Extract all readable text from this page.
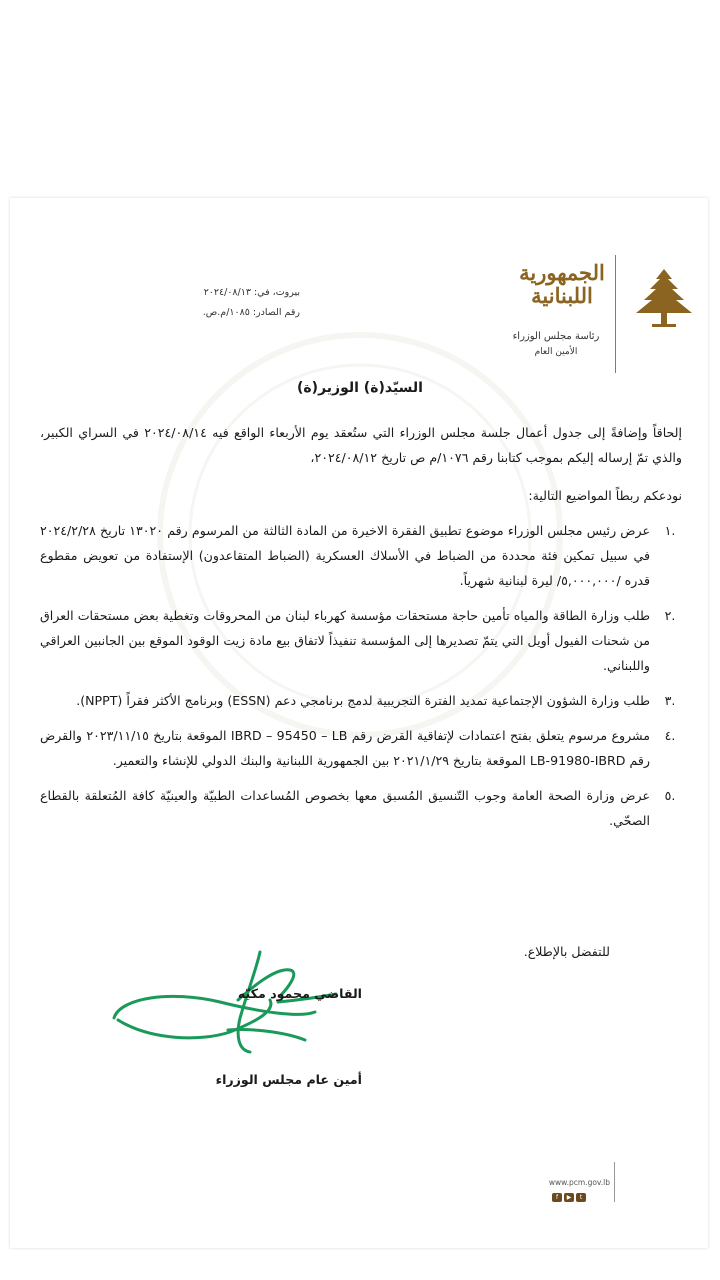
الجمهورية اللبنانية
رئاسة مجلس الوزراء
الأمين العام
بيروت، في: ٢٠٢٤/٠٨/١٣
رقم الصادر: ١٠٨٥/م.ص.
السيّد(ة) الوزير(ة)

إلحاقاً وإضافةً إلى جدول أعمال جلسة مجلس الوزراء التي ستُعقد يوم الأربعاء الواقع فيه ٢٠٢٤/٠٨/١٤ في السراي الكبير، والذي تمّ إرساله إليكم بموجب كتابنا رقم ١٠٧٦/م ص تاريخ ٢٠٢٤/٠٨/١٢،

نودعكم ربطاً المواضيع التالية:

.١
عرض رئيس مجلس الوزراء موضوع تطبيق الفقرة الاخيرة من المادة الثالثة من المرسوم رقم ١٣٠٢٠ تاريخ ٢٠٢٤/٢/٢٨ في سبيل تمكين فئة محددة من الضباط في الأسلاك العسكرية (الضباط المتقاعدون) الإستفادة من تعويض مقطوع قدره /٥,٠٠٠,٠٠٠/ ليرة لبنانية شهرياً.
.٢
طلب وزارة الطاقة والمياه تأمين حاجة مستحقات مؤسسة كهرباء لبنان من المحروقات وتغطية بعض مستحقات العراق من شحنات الفيول أويل التي يتمّ تصديرها إلى المؤسسة تنفيذاً لاتفاق بيع مادة زيت الوقود الموقع بين الجانبين العراقي واللبناني.
.٣
طلب وزارة الشؤون الإجتماعية تمديد الفترة التجريبية لدمج برنامجي دعم (ESSN) وبرنامج الأكثر فقراً (NPPT).
.٤
مشروع مرسوم يتعلق بفتح اعتمادات لإتفاقية القرض رقم IBRD – 95450 – LB الموقعة بتاريخ ٢٠٢٣/١١/١٥ والقرض رقم LB-91980-IBRD الموقعة بتاريخ ٢٠٢١/١/٢٩ بين الجمهورية اللبنانية والبنك الدولي للإنشاء والتعمير.
.٥
عرض وزارة الصحة العامة وجوب التّنسيق المُسبق معها بخصوص المُساعدات الطبيّة والعينيّة كافة المُتعلقة بالقطاع الصحّي.
للتفضل بالإطلاع.
القاضي محمود مكيّه
أمين عام مجلس الوزراء
www.pcm.gov.lb
f	▶	t
